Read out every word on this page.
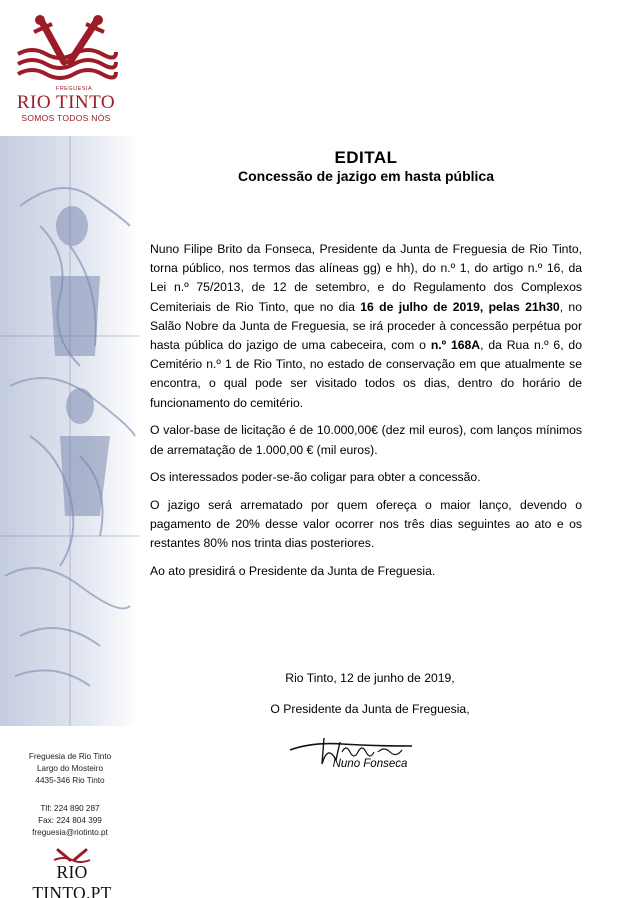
FREGUESIA
RIO TINTO
SOMOS TODOS NÓS
Freguesia de Rio Tinto
Largo do Mosteiro
4435-346 Rio Tinto
Tlf: 224 890 287
Fax: 224 804 399
freguesia@riotinto.pt
RIO TINTO.PT
EDITAL
Concessão de jazigo em hasta pública

Nuno Filipe Brito da Fonseca, Presidente da Junta de Freguesia de Rio Tinto, torna público, nos termos das alíneas gg) e hh), do n.º 1, do artigo n.º 16, da Lei n.º 75/2013, de 12 de setembro, e do Regulamento dos Complexos Cemiteriais de Rio Tinto, que no dia 16 de julho de 2019, pelas 21h30, no Salão Nobre da Junta de Freguesia, se irá proceder à concessão perpétua por hasta pública do jazigo de uma cabeceira, com o n.º 168A, da Rua n.º 6, do Cemitério n.º 1 de Rio Tinto, no estado de conservação em que atualmente se encontra, o qual pode ser visitado todos os dias, dentro do horário de funcionamento do cemitério.

O valor-base de licitação é de 10.000,00€ (dez mil euros), com lanços mínimos de arrematação de 1.000,00 € (mil euros).

Os interessados poder-se-ão coligar para obter a concessão.

O jazigo será arrematado por quem ofereça o maior lanço, devendo o pagamento de 20% desse valor ocorrer nos três dias seguintes ao ato e os restantes 80% nos trinta dias posteriores.

Ao ato presidirá o Presidente da Junta de Freguesia.

Rio Tinto, 12 de junho de 2019,
O Presidente da Junta de Freguesia,
Nuno Fonseca
